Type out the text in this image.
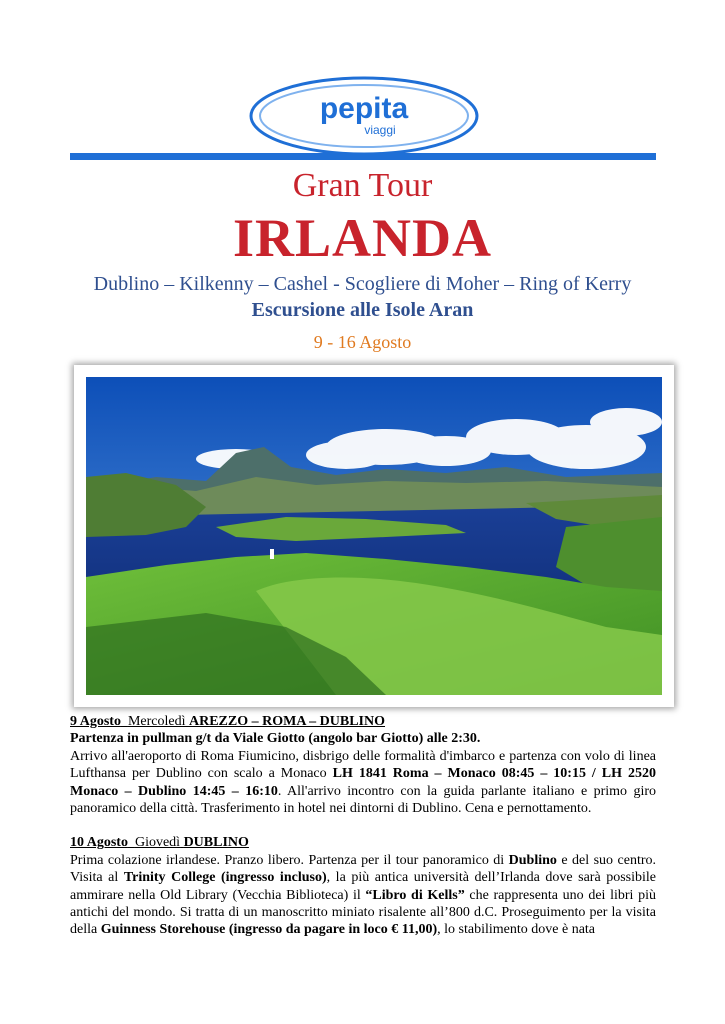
pepita
viaggi
Gran Tour
IRLANDA
Dublino – Kilkenny – Cashel - Scogliere di Moher – Ring of Kerry
Escursione alle Isole Aran
9 - 16 Agosto

9 Agosto Mercoledì AREZZO – ROMA – DUBLINO

Partenza in pullman g/t da Viale Giotto (angolo bar Giotto) alle 2:30.

Arrivo all'aeroporto di Roma Fiumicino, disbrigo delle formalità d'imbarco e partenza con volo di linea Lufthansa per Dublino con scalo a Monaco LH 1841 Roma – Monaco 08:45 – 10:15 / LH 2520 Monaco – Dublino 14:45 – 16:10. All'arrivo incontro con la guida parlante italiano e primo giro panoramico della città. Trasferimento in hotel nei dintorni di Dublino. Cena e pernottamento.

10 Agosto Giovedì DUBLINO

Prima colazione irlandese. Pranzo libero. Partenza per il tour panoramico di Dublino e del suo centro. Visita al Trinity College (ingresso incluso), la più antica università dell’Irlanda dove sarà possibile ammirare nella Old Library (Vecchia Biblioteca) il “Libro di Kells” che rappresenta uno dei libri più antichi del mondo. Si tratta di un manoscritto miniato risalente all’800 d.C. Proseguimento per la visita della Guinness Storehouse (ingresso da pagare in loco € 11,00), lo stabilimento dove è nata
